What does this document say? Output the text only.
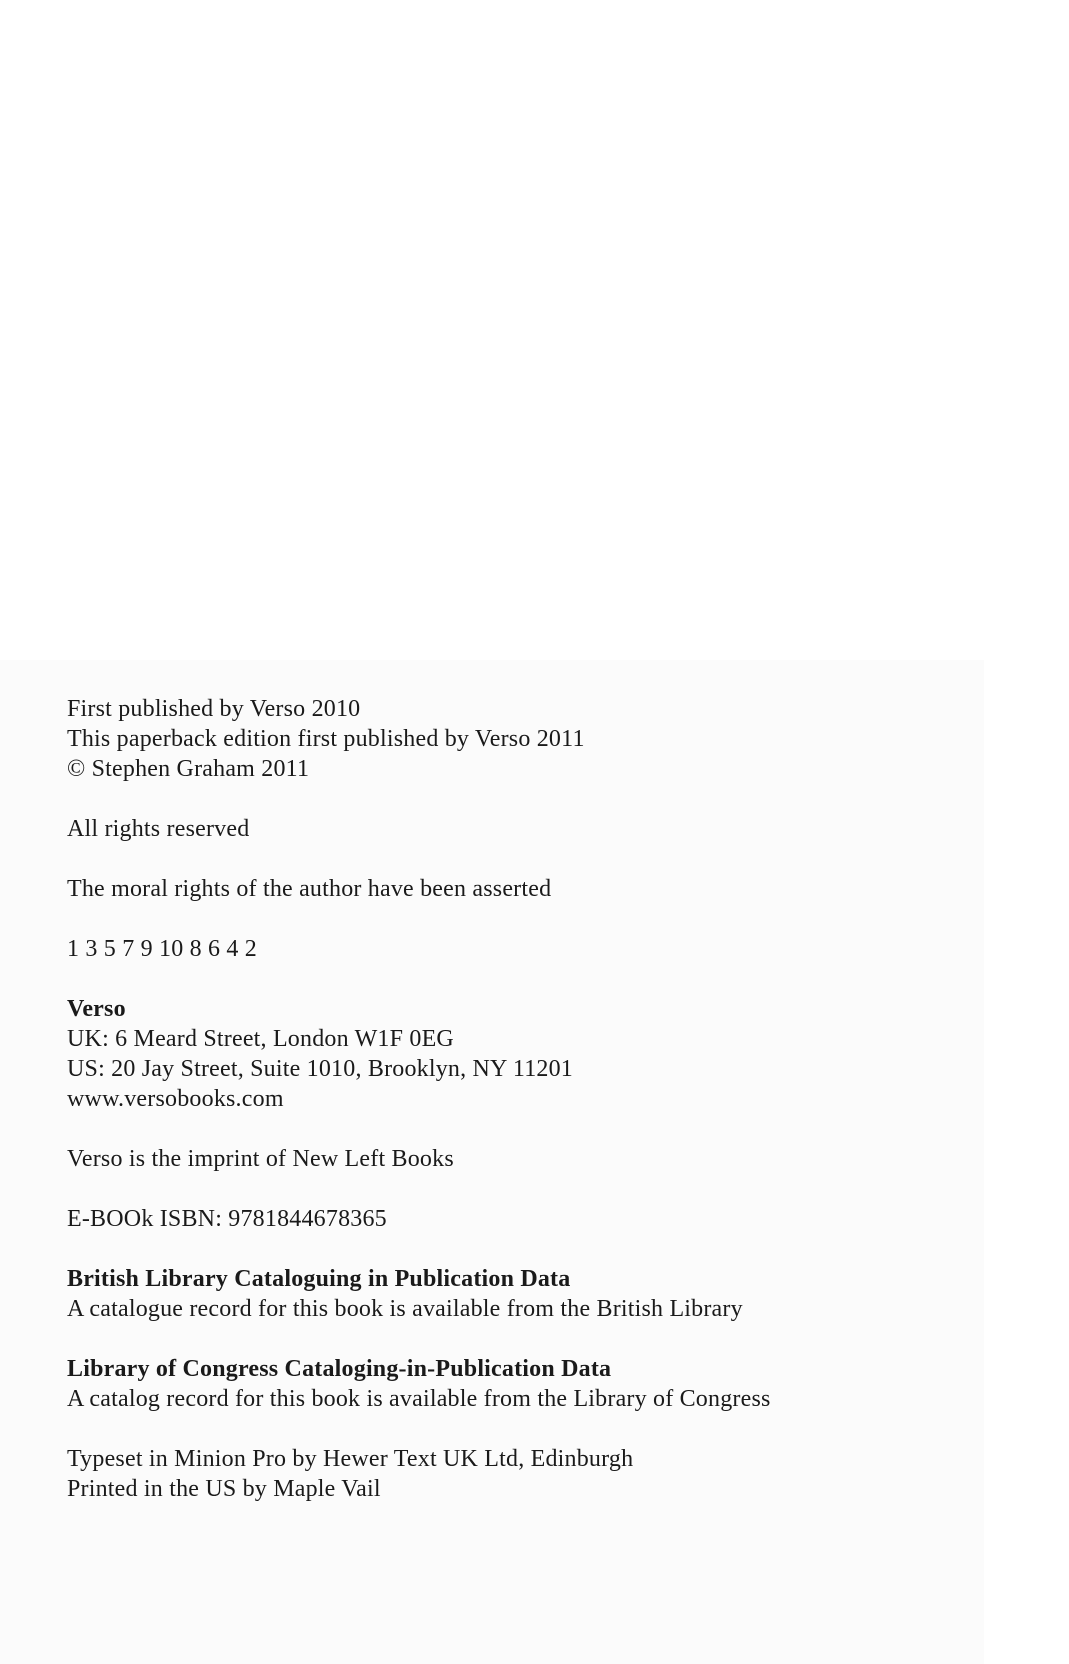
First published by Verso 2010
This paperback edition first published by Verso 2011
© Stephen Graham 2011
All rights reserved
The moral rights of the author have been asserted
1 3 5 7 9 10 8 6 4 2
Verso
UK: 6 Meard Street, London W1F 0EG
US: 20 Jay Street, Suite 1010, Brooklyn, NY 11201
www.versobooks.com
Verso is the imprint of New Left Books
E-BOOk ISBN: 9781844678365
British Library Cataloguing in Publication Data
A catalogue record for this book is available from the British Library
Library of Congress Cataloging-in-Publication Data
A catalog record for this book is available from the Library of Congress
Typeset in Minion Pro by Hewer Text UK Ltd, Edinburgh
Printed in the US by Maple Vail
